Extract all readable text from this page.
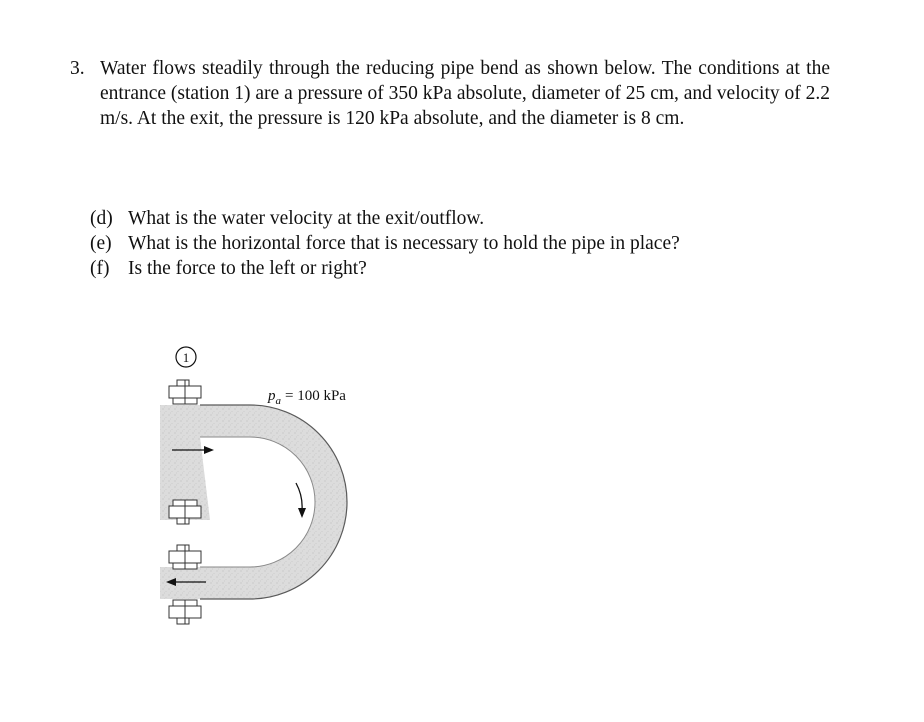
3. Water flows steadily through the reducing pipe bend as shown below. The conditions at the entrance (station 1) are a pressure of 350 kPa absolute, diameter of 25 cm, and velocity of 2.2 m/s. At the exit, the pressure is 120 kPa absolute, and the diameter is 8 cm.
(d) What is the water velocity at the exit/outflow.
(e) What is the horizontal force that is necessary to hold the pipe in place?
(f) Is the force to the left or right?
1
$p_a = 100$ kPa
